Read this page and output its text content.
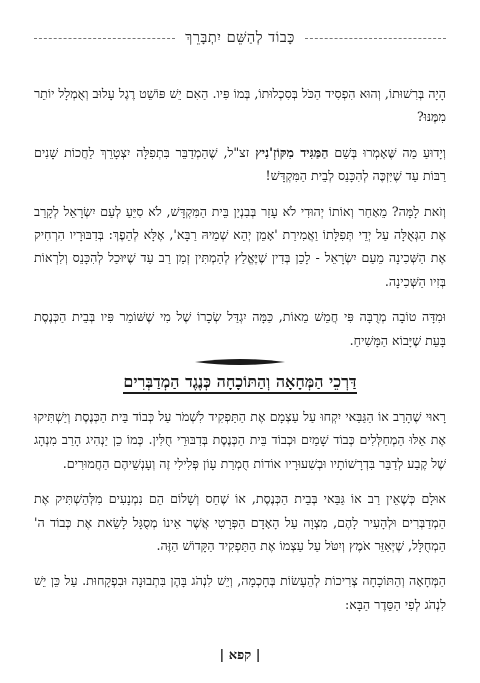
כָּבוֹד לְהַשֵּׁם יִתְבָּרֵךְ

הָיָה בְּרִשׁוּתוֹ, וְהוּא הִפְסִיד הַכֹּל בְּסִכְלוּתוֹ, בְּמוֹ פִּיו. הַאִם יֵשׁ פּוֹשֵׁט רֶגֶל עָלוּב וְאֻמְלָל יוֹתֵר מִמֶּנּוּ?

וְיָדוּעַ מַה שֶּׁאָמְרוּ בְּשֵׁם הַמַּגִּיד מִקּוֹזְ'נִיץ זצ"ל, שֶׁהַמְדַבֵּר בִּתְפִלָּה יִצְטָרֵךְ לַחֲכוֹת שָׁנִים רַבּוֹת עַד שֶׁיִּזְכֶּה לְהִכָּנֵס לְבֵית הַמִּקְדָּשׁ!

וְזֹאת לָמָּה? מֵאַחַר וְאוֹתוֹ יְהוּדִי לֹא עָזַר בְּבִנְיַן בֵּית הַמִּקְדָּשׁ, לֹא סִיֵּעַ לְעַם יִשְׂרָאֵל לְקָרֵב אֶת הַגְּאֻלָּה עַל יְדֵי תְּפִלָּתוֹ וַאֲמִירַת 'אָמֵן יְהֵא שְׁמֵיהּ רַבָּא', אֶלָּא לְהֵפֶךְ: בְּדִבּוּרָיו הִרְחִיק אֶת הַשְּׁכִינָה מֵעַם יִשְׂרָאֵל - לָכֵן בְּדִין שֶׁיֶּאֱלַץ לְהַמְתִּין זְמַן רַב עַד שֶׁיּוּכַל לְהִכָּנֵס וְלִרְאוֹת בְּזִיו הַשְּׁכִינָה.

וּמִדָּה טוֹבָה מְרֻבָּה פִּי חֲמֵשׁ מֵאוֹת, כַּמָּה יִגְדַּל שְׂכָרוֹ שֶׁל מִי שֶׁשּׁוֹמֵר פִּיו בְּבֵית הַכְּנֶסֶת בָּעֵת שֶׁיָּבוֹא הַמָּשִׁיחַ.

דַּרְכֵי הַמְּחָאָה וְהַתּוֹכָחָה כְּנֶגֶד הַמְדַבְּרִים

רָאוּי שֶׁהָרַב אוֹ הַגַּבַּאי יִקְחוּ עַל עַצְמָם אֶת הַתַּפְקִיד לִשְׁמֹר עַל כְּבוֹד בֵּית הַכְּנֶסֶת וְיַשְׁתִּיקוּ אֶת אֵלּוּ הַמְחַלְּלִים כְּבוֹד שָׁמַיִם וּכְבוֹד בֵּית הַכְּנֶסֶת בְּדִבּוּרֵי חֻלִּין. כְּמוֹ כֵן יַנְהִיג הָרַב מִנְהָג שֶׁל קֶבַע לְדַבֵּר בִּדְרָשׁוֹתָיו וּבְשִׁעוּרָיו אוֹדוֹת חֻמְרַת עָוֹן פְּלִילִי זֶה וְעָנְשֵׁיהֶם הַחֲמוּרִים.

אוּלָם כְּשֶׁאֵין רַב אוֹ גַּבַּאי בְּבֵית הַכְּנֶסֶת, אוֹ שֶׁחֵס וְשָׁלוֹם הֵם נִמְנָעִים מִלְּהַשְׁתִּיק אֶת הַמְדַבְּרִים וּלְהָעִיר לָהֶם, מִצְוָה עַל הָאָדָם הַפְּרָטִי אֲשֶׁר אֵינוֹ מְסֻגָּל לָשֵׂאת אֶת כְּבוֹד ה' הַמְחֻלָּל, שֶׁיְּאַזֵּר אֹמֶץ וְיִטֹּל עַל עַצְמוֹ אֶת הַתַּפְקִיד הַקָּדוֹשׁ הַזֶּה.

הַמְּחָאָה וְהַתּוֹכָחָה צְרִיכוֹת לְהֵעָשׂוֹת בְּחָכְמָה, וְיֵשׁ לִנְהֹג בָּהֶן בִּתְבוּנָה וּבִפְקָחוּת. עַל כֵּן יֵשׁ לִנְהֹג לְפִי הַסֵּדֶר הַבָּא:

| קפא |
